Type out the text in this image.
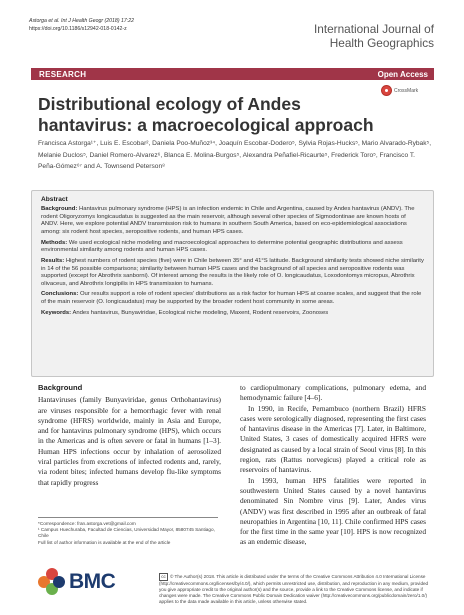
Astorga et al. Int J Health Geogr (2018) 17:22
https://doi.org/10.1186/s12942-018-0142-z	International Journal of Health Geographics
RESEARCH	Open Access
CrossMark
Distributional ecology of Andes hantavirus: a macroecological approach
Francisca Astorga¹⁺, Luis E. Escobar², Daniela Poo-Muñoz³⁴, Joaquín Escobar-Dodero⁵, Sylvia Rojas-Hucks⁵, Mario Alvarado-Rybak⁵, Melanie Duclos⁵, Daniel Romero-Alvarez⁶, Blanca E. Molina-Burgos⁵, Alexandra Peñafiel-Ricaurte⁵, Frederick Toro⁵, Francisco T. Peña-Gómez⁶⁷ and A. Townsend Peterson⁸
Abstract

Background: Hantavirus pulmonary syndrome (HPS) is an infection endemic in Chile and Argentina, caused by Andes hantavirus (ANDV). The rodent Oligoryzomys longicaudatus is suggested as the main reservoir, although several other species of Sigmodontinae are known hosts of ANDV. Here, we explore potential ANDV transmission risk to humans in southern South America, based on eco-epidemiological associations among: six rodent host species, seropositive rodents, and human HPS cases.

Methods: We used ecological niche modeling and macroecological approaches to determine potential geographic distributions and assess environmental similarity among rodents and human HPS cases.

Results: Highest numbers of rodent species (five) were in Chile between 35° and 41°S latitude. Background similarity tests showed niche similarity in 14 of the 56 possible comparisons; similarity between human HPS cases and the background of all species and seropositive rodents was supported (except for Abrothrix sanborni). Of interest among the results is the likely role of O. longicaudatus, Loxodontomys micropus, Abrothrix olivaceus, and Abrothrix longipilis in HPS transmission to humans.

Conclusions: Our results support a role of rodent species’ distributions as a risk factor for human HPS at coarse scales, and suggest that the role of the main reservoir (O. longicaudatus) may be supported by the broader rodent host community in some areas.

Keywords: Andes hantavirus, Bunyaviridae, Ecological niche modeling, Maxent, Rodent reservoirs, Zoonoses

Background

Hantaviruses (family Bunyaviridae, genus Orthohantavirus) are viruses responsible for a hemorrhagic fever with renal syndrome (HFRS) worldwide, mainly in Asia and Europe, and for hantavirus pulmonary syndrome (HPS), which occurs in the Americas and is often severe or fatal in humans [1–3]. Human HPS infections occur by inhalation of aerosolized viral particles from excretions of infected rodents and, rarely, via rodent bites; infected humans develop flu-like symptoms that rapidly progress

to cardiopulmonary complications, pulmonary edema, and hemodynamic failure [4–6].

In 1990, in Recife, Pernambuco (northern Brazil) HFRS cases were serologically diagnosed, representing the first cases of hantavirus disease in the Americas [7]. Later, in Baltimore, United States, 3 cases of domestically acquired HFRS were designated as caused by a local strain of Seoul virus [8]. In this region, rats (Rattus norvegicus) played a critical role as reservoirs of hantavirus.

In 1993, human HPS fatalities were reported in southwestern United States caused by a novel hantavirus denominated Sin Nombre virus [9]. Later, Andes virus (ANDV) was first described in 1995 after an outbreak of fatal neuropathies in Argentina [10, 11]. Chile confirmed HPS cases for the first time in the same year [10]. HPS is now recognized as an endemic disease,

*Correspondence: fran.astorga.vet@gmail.com
¹ Campus Huechuraba, Facultad de Ciencias, Universidad Mayor, 8580745 Santiago, Chile
Full list of author information is available at the end of the article
BMC	cc © The Author(s) 2018. This article is distributed under the terms of the Creative Commons Attribution 4.0 International License (http://creativecommons.org/licenses/by/4.0/), which permits unrestricted use, distribution, and reproduction in any medium, provided you give appropriate credit to the original author(s) and the source, provide a link to the Creative Commons license, and indicate if changes were made. The Creative Commons Public Domain Dedication waiver (http://creativecommons.org/publicdomain/zero/1.0/) applies to the data made available in this article, unless otherwise stated.
